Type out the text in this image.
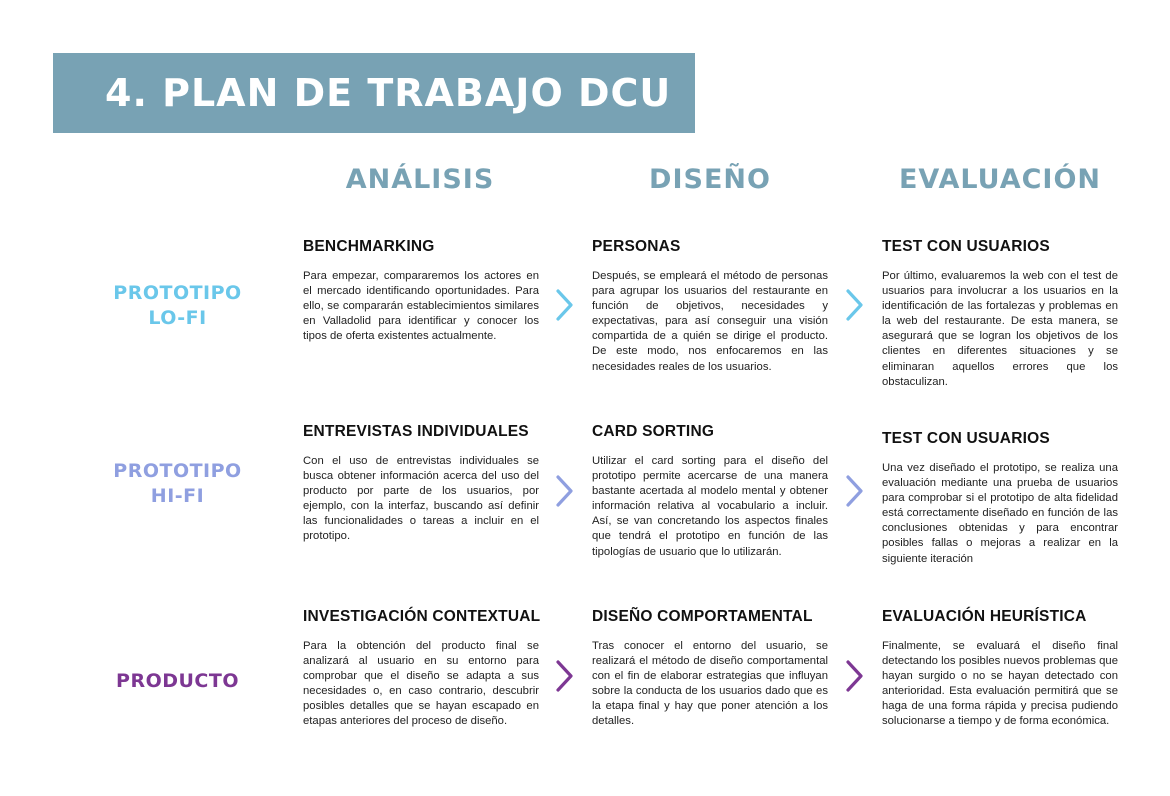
4. PLAN DE TRABAJO DCU
ANÁLISIS	DISEÑO	EVALUACIÓN
PROTOTIPO
LO-FI
BENCHMARKING

Para empezar, compararemos los actores en el mercado identificando oportunidades. Para ello, se compararán establecimientos similares en Valladolid para identificar y conocer los tipos de oferta existentes actualmente.

PERSONAS

Después, se empleará el método de personas para agrupar los usuarios del restaurante en función de objetivos, necesidades y expectativas, para así conseguir una visión compartida de a quién se dirige el producto. De este modo, nos enfocaremos en las necesidades reales de los usuarios.

TEST CON USUARIOS

Por último, evaluaremos la web con el test de usuarios para involucrar a los usuarios en la identificación de las fortalezas y problemas en la web del restaurante. De esta manera, se asegurará que se logran los objetivos de los clientes en diferentes situaciones y se eliminaran aquellos errores que los obstaculizan.

PROTOTIPO
HI-FI
ENTREVISTAS INDIVIDUALES

Con el uso de entrevistas individuales se busca obtener información acerca del uso del producto por parte de los usuarios, por ejemplo, con la interfaz, buscando así definir las funcionalidades o tareas a incluir en el prototipo.

CARD SORTING

Utilizar el card sorting para el diseño del prototipo permite acercarse de una manera bastante acertada al modelo mental y obtener información relativa al vocabulario a incluir. Así, se van concretando los aspectos finales que tendrá el prototipo en función de las tipologías de usuario que lo utilizarán.

TEST CON USUARIOS

Una vez diseñado el prototipo, se realiza una evaluación mediante una prueba de usuarios para comprobar si el prototipo de alta fidelidad está correctamente diseñado en función de las conclusiones obtenidas y para encontrar posibles fallas o mejoras a realizar en la siguiente iteración

PRODUCTO
INVESTIGACIÓN CONTEXTUAL

Para la obtención del producto final se analizará al usuario en su entorno para comprobar que el diseño se adapta a sus necesidades o, en caso contrario, descubrir posibles detalles que se hayan escapado en etapas anteriores del proceso de diseño.

DISEÑO COMPORTAMENTAL

Tras conocer el entorno del usuario, se realizará el método de diseño comportamental con el fin de elaborar estrategias que influyan sobre la conducta de los usuarios dado que es la etapa final y hay que poner atención a los detalles.

EVALUACIÓN HEURÍSTICA

Finalmente, se evaluará el diseño final detectando los posibles nuevos problemas que hayan surgido o no se hayan detectado con anterioridad. Esta evaluación permitirá que se haga de una forma rápida y precisa pudiendo solucionarse a tiempo y de forma económica.
